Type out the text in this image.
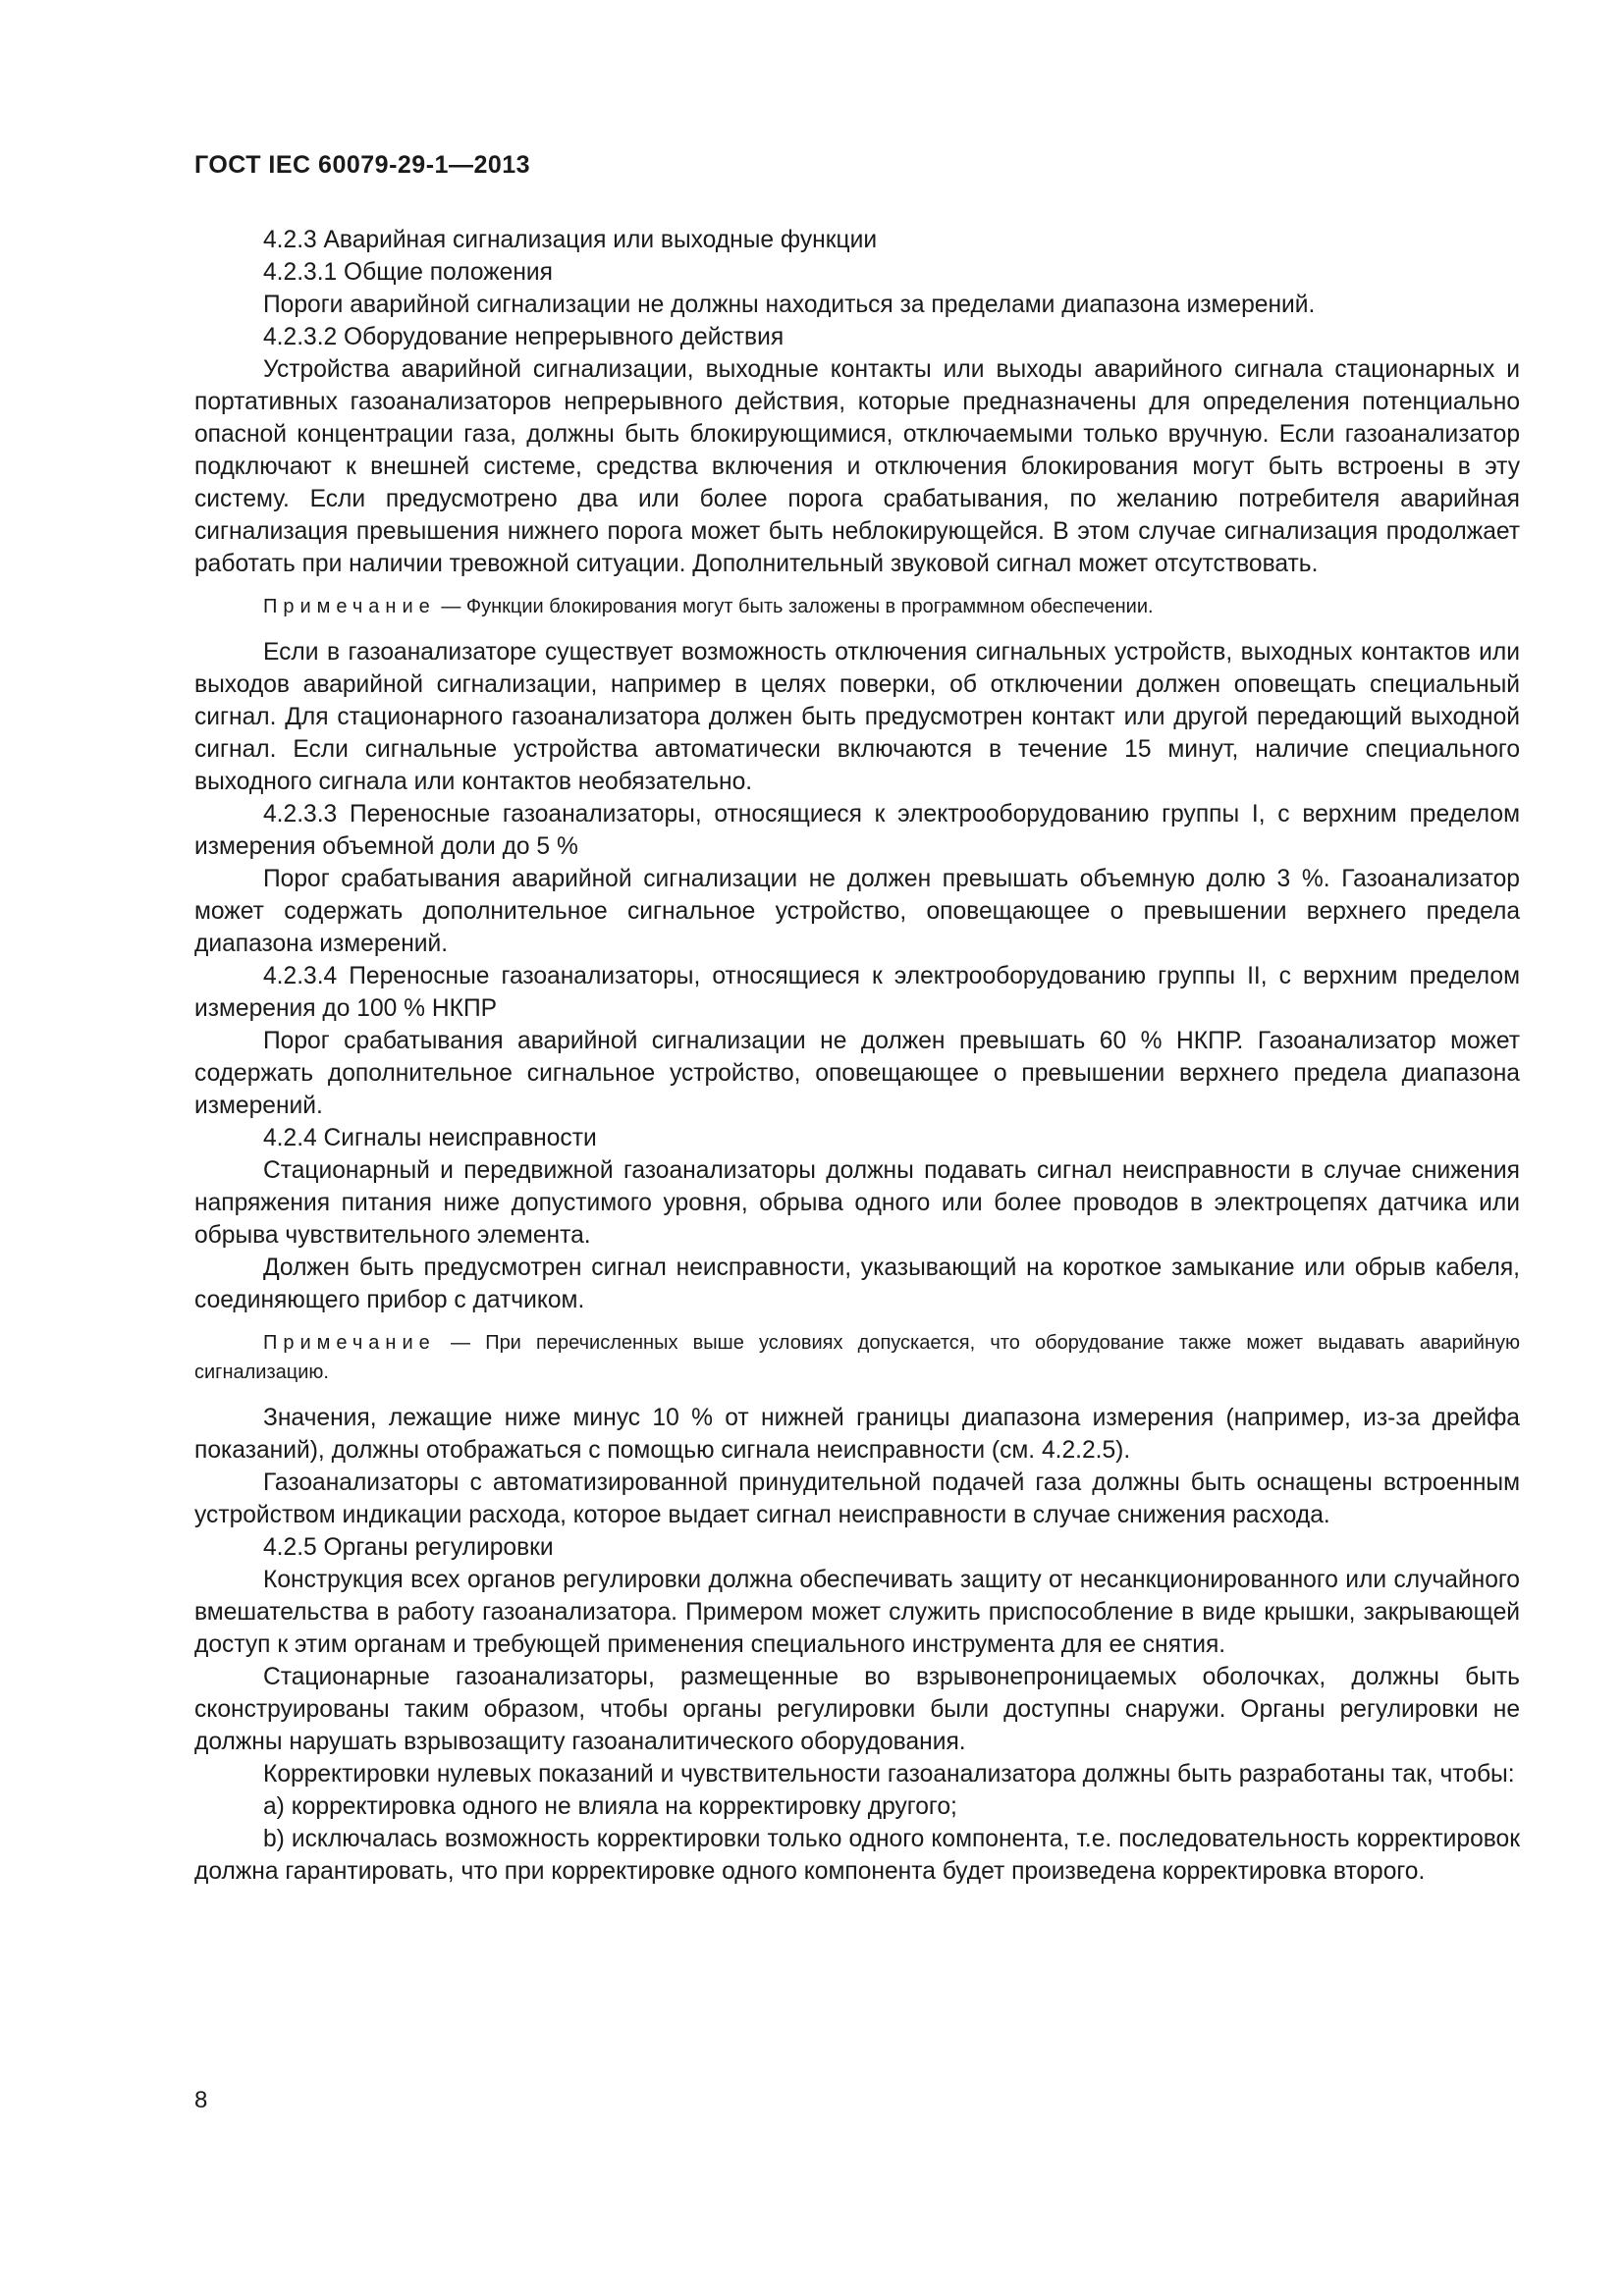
ГОСТ IEC 60079-29-1—2013

4.2.3 Аварийная сигнализация или выходные функции

4.2.3.1 Общие положения

Пороги аварийной сигнализации не должны находиться за пределами диапазона измерений.

4.2.3.2 Оборудование непрерывного действия

Устройства аварийной сигнализации, выходные контакты или выходы аварийного сигнала стационарных и портативных газоанализаторов непрерывного действия, которые предназначены для определения потенциально опасной концентрации газа, должны быть блокирующимися, отключаемыми только вручную. Если газоанализатор подключают к внешней системе, средства включения и отключения блокирования могут быть встроены в эту систему. Если предусмотрено два или более порога срабатывания, по желанию потребителя аварийная сигнализация превышения нижнего порога может быть неблокирующейся. В этом случае сигнализация продолжает работать при наличии тревожной ситуации. Дополнительный звуковой сигнал может отсутствовать.

Примечание — Функции блокирования могут быть заложены в программном обеспечении.

Если в газоанализаторе существует возможность отключения сигнальных устройств, выходных контактов или выходов аварийной сигнализации, например в целях поверки, об отключении должен оповещать специальный сигнал. Для стационарного газоанализатора должен быть предусмотрен контакт или другой передающий выходной сигнал. Если сигнальные устройства автоматически включаются в течение 15 минут, наличие специального выходного сигнала или контактов необязательно.

4.2.3.3 Переносные газоанализаторы, относящиеся к электрооборудованию группы I, с верхним пределом измерения объемной доли до 5 %

Порог срабатывания аварийной сигнализации не должен превышать объемную долю 3 %. Газоанализатор может содержать дополнительное сигнальное устройство, оповещающее о превышении верхнего предела диапазона измерений.

4.2.3.4 Переносные газоанализаторы, относящиеся к электрооборудованию группы II, с верхним пределом измерения до 100 % НКПР

Порог срабатывания аварийной сигнализации не должен превышать 60 % НКПР. Газоанализатор может содержать дополнительное сигнальное устройство, оповещающее о превышении верхнего предела диапазона измерений.

4.2.4 Сигналы неисправности

Стационарный и передвижной газоанализаторы должны подавать сигнал неисправности в случае снижения напряжения питания ниже допустимого уровня, обрыва одного или более проводов в электроцепях датчика или обрыва чувствительного элемента.

Должен быть предусмотрен сигнал неисправности, указывающий на короткое замыкание или обрыв кабеля, соединяющего прибор с датчиком.

Примечание — При перечисленных выше условиях допускается, что оборудование также может выдавать аварийную сигнализацию.

Значения, лежащие ниже минус 10 % от нижней границы диапазона измерения (например, из-за дрейфа показаний), должны отображаться с помощью сигнала неисправности (см. 4.2.2.5).

Газоанализаторы с автоматизированной принудительной подачей газа должны быть оснащены встроенным устройством индикации расхода, которое выдает сигнал неисправности в случае снижения расхода.

4.2.5 Органы регулировки

Конструкция всех органов регулировки должна обеспечивать защиту от несанкционированного или случайного вмешательства в работу газоанализатора. Примером может служить приспособление в виде крышки, закрывающей доступ к этим органам и требующей применения специального инструмента для ее снятия.

Стационарные газоанализаторы, размещенные во взрывонепроницаемых оболочках, должны быть сконструированы таким образом, чтобы органы регулировки были доступны снаружи. Органы регулировки не должны нарушать взрывозащиту газоаналитического оборудования.

Корректировки нулевых показаний и чувствительности газоанализатора должны быть разработаны так, чтобы:

а) корректировка одного не влияла на корректировку другого;

b) исключалась возможность корректировки только одного компонента, т.е. последовательность корректировок должна гарантировать, что при корректировке одного компонента будет произведена корректировка второго.

8
